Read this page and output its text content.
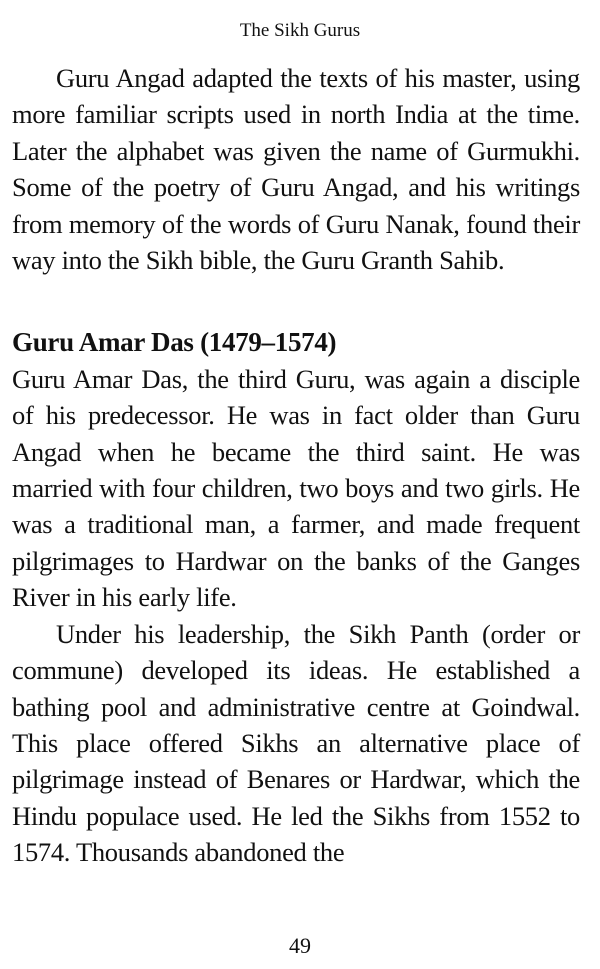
The Sikh Gurus

Guru Angad adapted the texts of his master, using more familiar scripts used in north India at the time. Later the alphabet was given the name of Gurmukhi. Some of the poetry of Guru Angad, and his writings from memory of the words of Guru Nanak, found their way into the Sikh bible, the Guru Granth Sahib.

Guru Amar Das (1479–1574)

Guru Amar Das, the third Guru, was again a disciple of his predecessor. He was in fact older than Guru Angad when he became the third saint. He was married with four children, two boys and two girls. He was a traditional man, a farmer, and made frequent pilgrimages to Hardwar on the banks of the Ganges River in his early life.

Under his leadership, the Sikh Panth (order or commune) developed its ideas. He established a bathing pool and administrative centre at Goindwal. This place offered Sikhs an alternative place of pilgrimage instead of Benares or Hardwar, which the Hindu populace used. He led the Sikhs from 1552 to 1574. Thousands abandoned the

49
